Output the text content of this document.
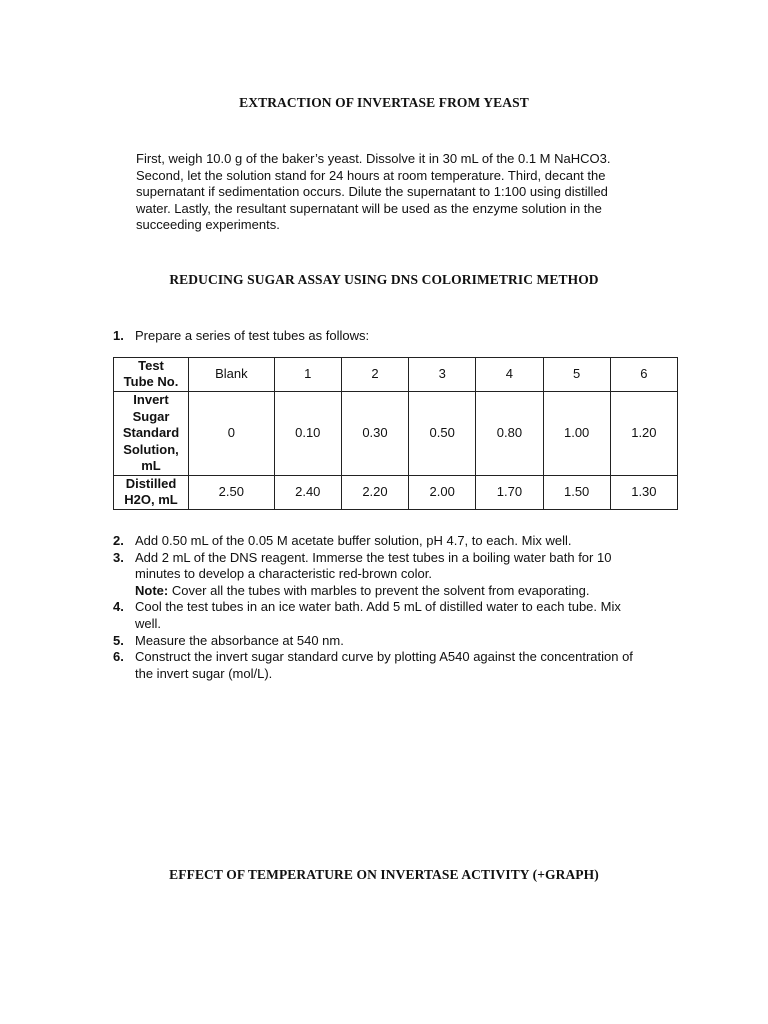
EXTRACTION OF INVERTASE FROM YEAST

First, weigh 10.0 g of the baker’s yeast. Dissolve it in 30 mL of the 0.1 M NaHCO3.
Second, let the solution stand for 24 hours at room temperature. Third, decant the
supernatant if sedimentation occurs. Dilute the supernatant to 1:100 using distilled
water. Lastly, the resultant supernatant will be used as the enzyme solution in the
succeeding experiments.

REDUCING SUGAR ASSAY USING DNS COLORIMETRIC METHOD
1. Prepare a series of test tubes as follows:
Test
Tube No.	Blank	1	2	3	4	5	6

Invert
Sugar
Standard
Solution,
mL	0	0.10	0.30	0.50	0.80	1.00	1.20

Distilled
H2O, mL	2.50	2.40	2.20	2.00	1.70	1.50	1.30
2. Add 0.50 mL of the 0.05 M acetate buffer solution, pH 4.7, to each. Mix well.
3. Add 2 mL of the DNS reagent. Immerse the test tubes in a boiling water bath for 10
minutes to develop a characteristic red-brown color.
Note: Cover all the tubes with marbles to prevent the solvent from evaporating.
4. Cool the test tubes in an ice water bath. Add 5 mL of distilled water to each tube. Mix
well.
5. Measure the absorbance at 540 nm.
6. Construct the invert sugar standard curve by plotting A540 against the concentration of
the invert sugar (mol/L).
EFFECT OF TEMPERATURE ON INVERTASE ACTIVITY (+GRAPH)
